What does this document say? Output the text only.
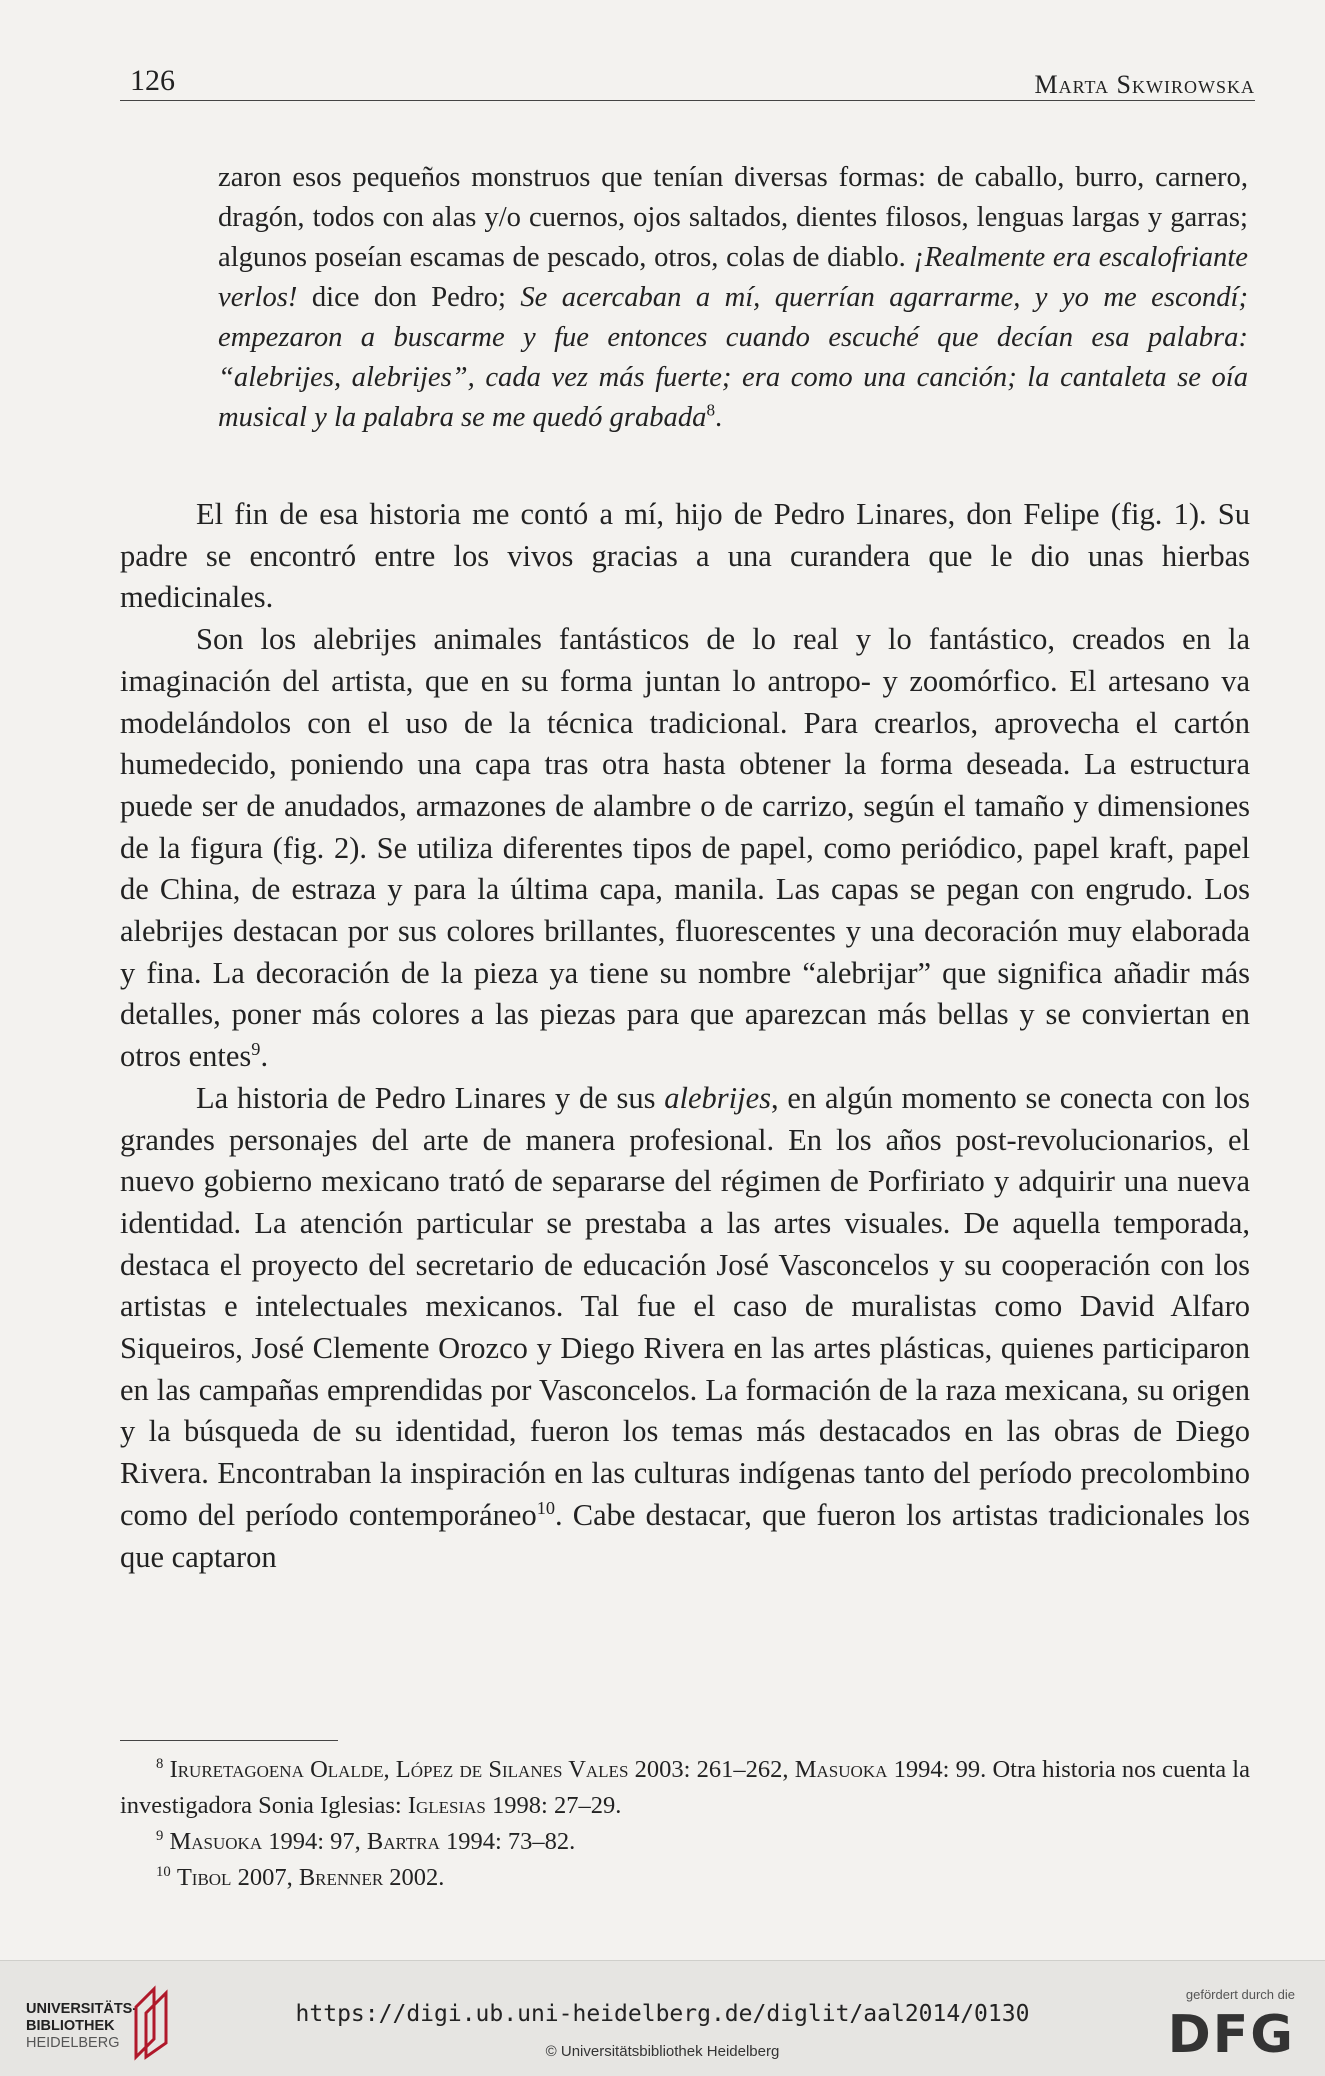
126	Marta Skwirowska
zaron esos pequeños monstruos que tenían diversas formas: de caballo, burro, carnero, dragón, todos con alas y/o cuernos, ojos saltados, dientes filosos, lenguas largas y garras; algunos poseían escamas de pescado, otros, colas de diablo. ¡Realmente era escalofriante verlos! dice don Pedro; Se acercaban a mí, querrían agarrarme, y yo me escondí; empezaron a buscarme y fue entonces cuando escuché que decían esa palabra: “alebrijes, alebrijes”, cada vez más fuerte; era como una canción; la cantaleta se oía musical y la palabra se me quedó grabada$^8$.

El fin de esa historia me contó a mí, hijo de Pedro Linares, don Felipe (fig. 1). Su padre se encontró entre los vivos gracias a una curandera que le dio unas hierbas medicinales.

Son los alebrijes animales fantásticos de lo real y lo fantástico, creados en la imaginación del artista, que en su forma juntan lo antropo- y zoomórfico. El artesano va modelándolos con el uso de la técnica tradicional. Para crearlos, aprovecha el cartón humedecido, poniendo una capa tras otra hasta obtener la forma deseada. La estructura puede ser de anudados, armazones de alambre o de carrizo, según el tamaño y dimensiones de la figura (fig. 2). Se utiliza diferentes tipos de papel, como periódico, papel kraft, papel de China, de estraza y para la última capa, manila. Las capas se pegan con engrudo. Los alebrijes destacan por sus colores brillantes, fluorescentes y una decoración muy elaborada y fina. La decoración de la pieza ya tiene su nombre “alebrijar” que significa añadir más detalles, poner más colores a las piezas para que aparezcan más bellas y se conviertan en otros entes$^9$.

La historia de Pedro Linares y de sus alebrijes, en algún momento se conecta con los grandes personajes del arte de manera profesional. En los años post-revolucionarios, el nuevo gobierno mexicano trató de separarse del régimen de Porfiriato y adquirir una nueva identidad. La atención particular se prestaba a las artes visuales. De aquella temporada, destaca el proyecto del secretario de educación José Vasconcelos y su cooperación con los artistas e intelectuales mexicanos. Tal fue el caso de muralistas como David Alfaro Siqueiros, José Clemente Orozco y Diego Rivera en las artes plásticas, quienes participaron en las campañas emprendidas por Vasconcelos. La formación de la raza mexicana, su origen y la búsqueda de su identidad, fueron los temas más destacados en las obras de Diego Rivera. Encontraban la inspiración en las culturas indígenas tanto del período precolombino como del período contemporáneo$^{10}$. Cabe destacar, que fueron los artistas tradicionales los que captaron

$^8$ Iruretagoena Olalde, López de Silanes Vales 2003: 261–262, Masuoka 1994: 99. Otra historia nos cuenta la investigadora Sonia Iglesias: Iglesias 1998: 27–29.

$^9$ Masuoka 1994: 97, Bartra 1994: 73–82.

$^{10}$ Tibol 2007, Brenner 2002.

UNIVERSITÄTS-
BIBLIOTHEK
HEIDELBERG
https://digi.ub.uni-heidelberg.de/diglit/aal2014/0130
© Universitätsbibliothek Heidelberg
gefördert durch die
DFG
